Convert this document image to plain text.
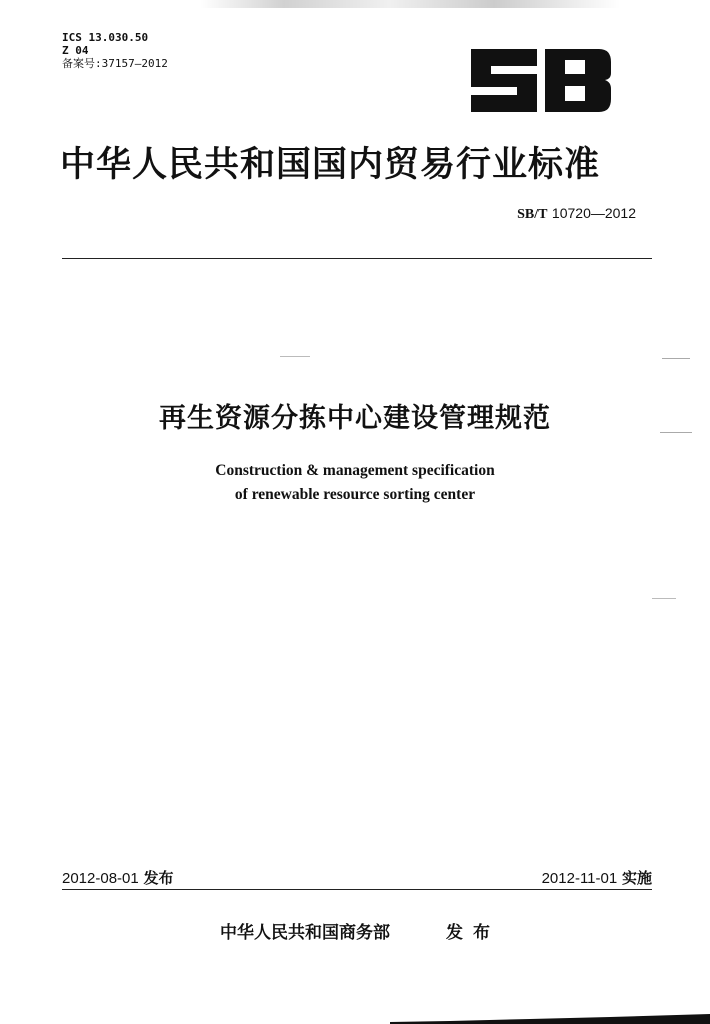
ICS 13.030.50
Z 04
备案号:37157—2012
中华人民共和国国内贸易行业标准
SB/T 10720—2012
再生资源分拣中心建设管理规范
Construction & management specification
of renewable resource sorting center
2012-08-01 发布	2012-11-01 实施
中华人民共和国商务部	发布
